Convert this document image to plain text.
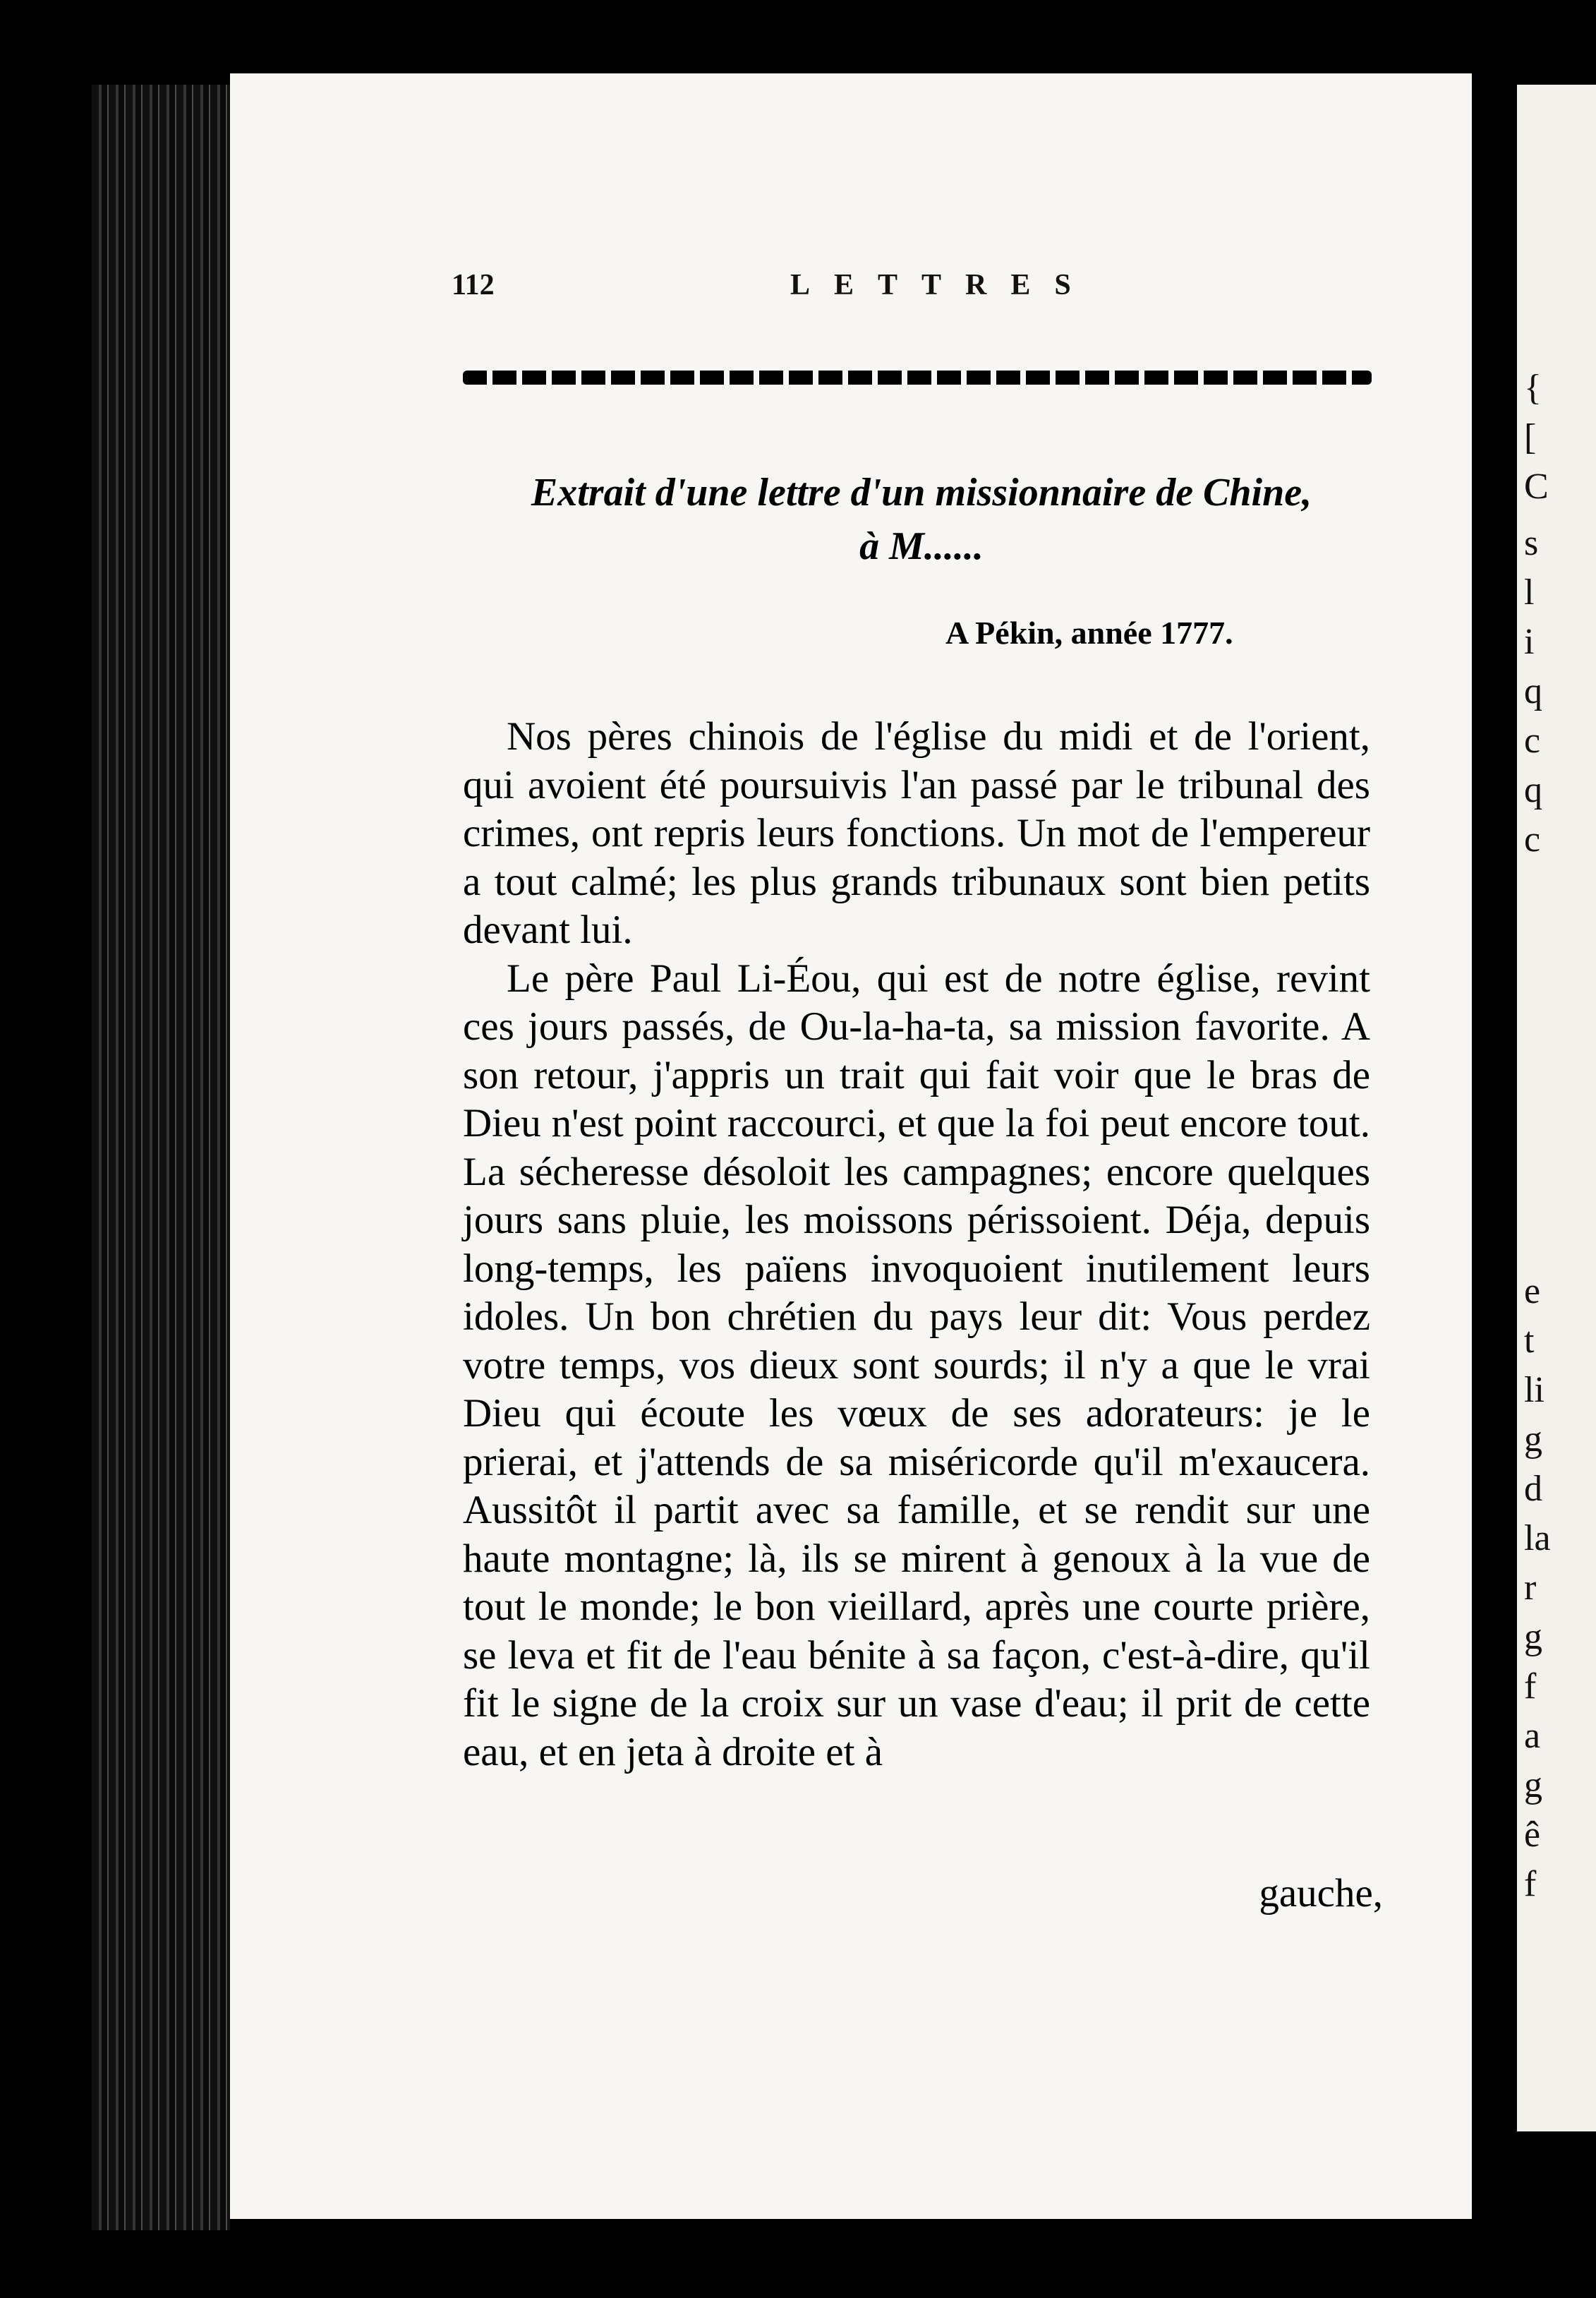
{
[
C
s
l
i
q
c
q
c
e
t
li
g
d
la
r
g
f
a
g
ê
f
112	LETTRES
Extrait d'une lettre d'un missionnaire de Chine,
à M......
A Pékin, année 1777.

Nos pères chinois de l'église du midi et de l'orient, qui avoient été poursuivis l'an passé par le tribunal des crimes, ont repris leurs fonctions. Un mot de l'empereur a tout calmé; les plus grands tribunaux sont bien petits devant lui.

Le père Paul Li-Éou, qui est de notre église, revint ces jours passés, de Ou-la-ha-ta, sa mission favorite. A son retour, j'appris un trait qui fait voir que le bras de Dieu n'est point raccourci, et que la foi peut encore tout. La sécheresse désoloit les campagnes; encore quelques jours sans pluie, les moissons périssoient. Déja, depuis long-temps, les païens invoquoient inutilement leurs idoles. Un bon chrétien du pays leur dit: Vous perdez votre temps, vos dieux sont sourds; il n'y a que le vrai Dieu qui écoute les vœux de ses adorateurs: je le prierai, et j'attends de sa miséricorde qu'il m'exaucera. Aussitôt il partit avec sa famille, et se rendit sur une haute montagne; là, ils se mirent à genoux à la vue de tout le monde; le bon vieillard, après une courte prière, se leva et fit de l'eau bénite à sa façon, c'est-à-dire, qu'il fit le signe de la croix sur un vase d'eau; il prit de cette eau, et en jeta à droite et à

gauche,
